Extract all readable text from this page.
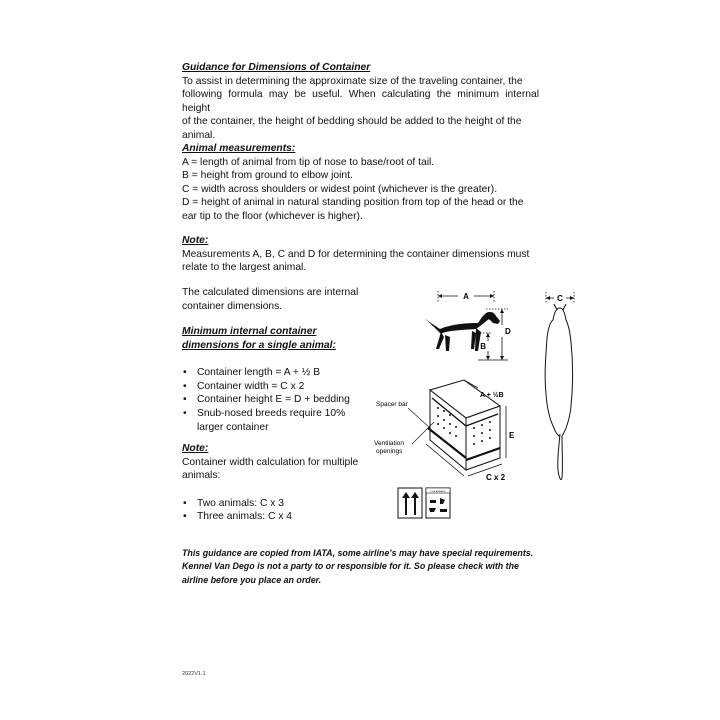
Guidance for Dimensions of Container

To assist in determining the approximate size of the traveling container, the

following formula may be useful. When calculating the minimum internal height

of the container, the height of bedding should be added to the height of the

animal.

Animal measurements:

A = length of animal from tip of nose to base/root of tail.

B = height from ground to elbow joint.

C = width across shoulders or widest point (whichever is the greater).

D = height of animal in natural standing position from top of the head or the

ear tip to the floor (whichever is higher).

Note:

Measurements A, B, C and D for determining the container dimensions must

relate to the largest animal.

The calculated dimensions are internal

container dimensions.

Minimum internal container
dimensions for a single animal:
• Container length = A + ½ B
• Container width = C x 2
• Container height E = D + bedding
• Snub-nosed breeds require 10%

larger container

Note:

Container width calculation for multiple

animals:

• Two animals: C x 3
• Three animals: C x 4

This guidance are copied from IATA, some airline’s may have special requirements.

Kennel Van Dego is not a party to or responsible for it. So please check with the

airline before you place an order.

2022V1.1
A
D
B
C
A + ½B
E
C x 2
Spacer bar
Ventilation
openings
LIVE ANIMALS
